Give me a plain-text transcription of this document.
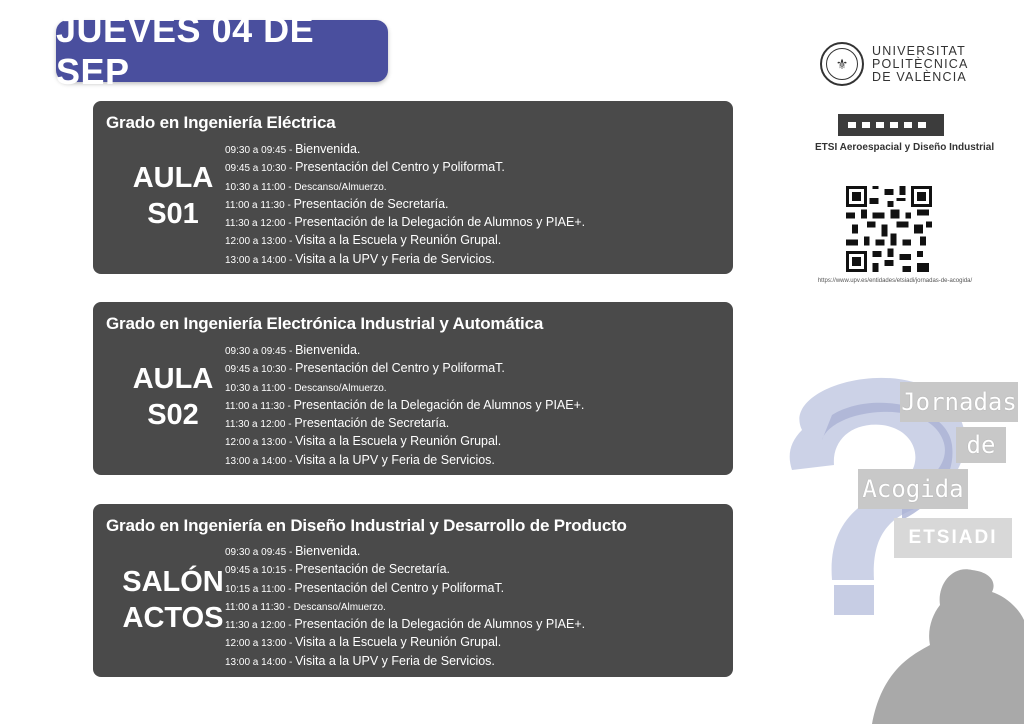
JUEVES 04 DE SEP
Grado en Ingeniería Eléctrica
AULA
S01
09:30 a 09:45 - Bienvenida.
09:45 a 10:30 - Presentación del Centro y PoliformaT.
10:30 a 11:00 - Descanso/Almuerzo.
11:00 a 11:30 - Presentación de Secretaría.
11:30 a 12:00 - Presentación de la Delegación de Alumnos y PIAE+.
12:00 a 13:00 - Visita a la Escuela y Reunión Grupal.
13:00 a 14:00 - Visita a la UPV y Feria de Servicios.
Grado en Ingeniería Electrónica Industrial y Automática
AULA
S02
09:30 a 09:45 - Bienvenida.
09:45 a 10:30 - Presentación del Centro y PoliformaT.
10:30 a 11:00 - Descanso/Almuerzo.
11:00 a 11:30 - Presentación de la Delegación de Alumnos y PIAE+.
11:30 a 12:00 - Presentación de Secretaría.
12:00 a 13:00 - Visita a la Escuela y Reunión Grupal.
13:00 a 14:00 - Visita a la UPV y Feria de Servicios.
Grado en Ingeniería en Diseño Industrial y Desarrollo de Producto
SALÓN
ACTOS
09:30 a 09:45 - Bienvenida.
09:45 a 10:15 - Presentación de Secretaría.
10:15 a 11:00 - Presentación del Centro y PoliformaT.
11:00 a 11:30 - Descanso/Almuerzo.
11:30 a 12:00 - Presentación de la Delegación de Alumnos y PIAE+.
12:00 a 13:00 - Visita a la Escuela y Reunión Grupal.
13:00 a 14:00 - Visita a la UPV y Feria de Servicios.
Jornadas
de
Acogida
ETSIADI
⚜
UNIVERSITAT
POLITÈCNICA
DE VALÈNCIA
ETSI Aeroespacial y Diseño Industrial
https://www.upv.es/entidades/etsiadi/jornadas-de-acogida/
